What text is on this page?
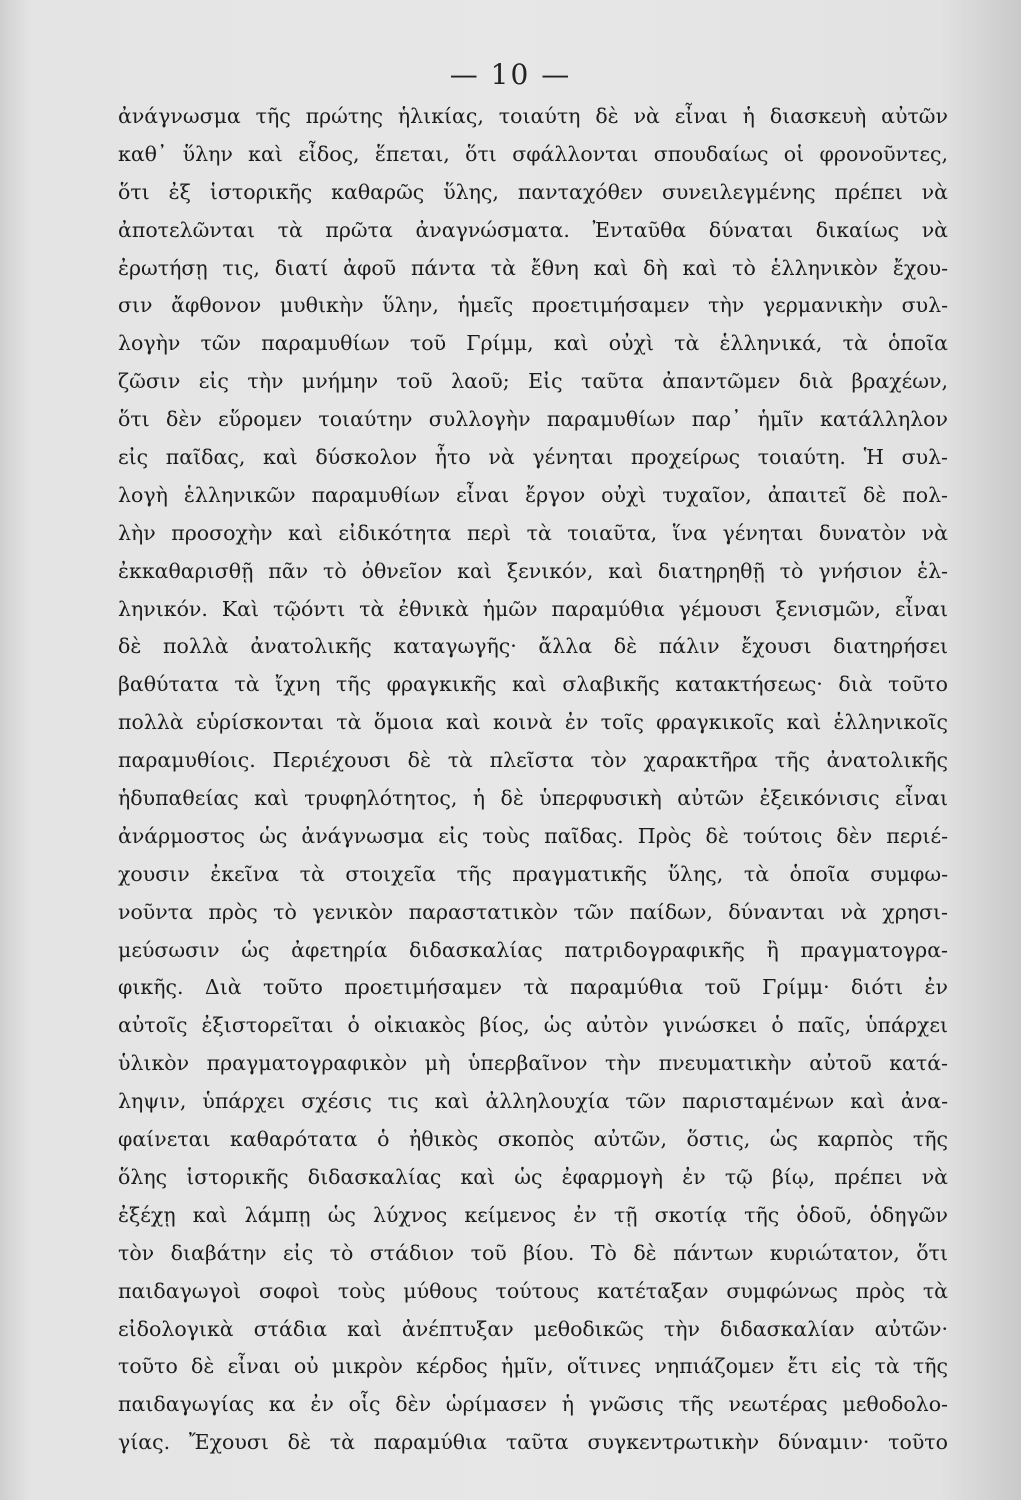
— 10 —
ἀνάγνωσμα τῆς πρώτης ἡλικίας, τοιαύτη δὲ νὰ εἶναι ἡ διασκευὴ αὐτῶν
καθ᾽ ὕλην καὶ εἶδος, ἕπεται, ὅτι σφάλλονται σπουδαίως οἱ φρονοῦντες,
ὅτι ἐξ ἱστορικῆς καθαρῶς ὕλης, πανταχόθεν συνειλεγμένης πρέπει νὰ
ἀποτελῶνται τὰ πρῶτα ἀναγνώσματα. Ἐνταῦθα δύναται δικαίως νὰ
ἐρωτήσῃ τις, διατί ἀφοῦ πάντα τὰ ἔθνη καὶ δὴ καὶ τὸ ἑλληνικὸν ἔχου-
σιν ἄφθονον μυθικὴν ὕλην, ἡμεῖς προετιμήσαμεν τὴν γερμανικὴν συλ-
λογὴν τῶν παραμυθίων τοῦ Γρίμμ, καὶ οὐχὶ τὰ ἑλληνικά, τὰ ὁποῖα
ζῶσιν εἰς τὴν μνήμην τοῦ λαοῦ; Εἰς ταῦτα ἀπαντῶμεν διὰ βραχέων,
ὅτι δὲν εὕρομεν τοιαύτην συλλογὴν παραμυθίων παρ᾽ ἡμῖν κατάλληλον
εἰς παῖδας, καὶ δύσκολον ἦτο νὰ γένηται προχείρως τοιαύτη. Ἡ συλ-
λογὴ ἑλληνικῶν παραμυθίων εἶναι ἔργον οὐχὶ τυχαῖον, ἀπαιτεῖ δὲ πολ-
λὴν προσοχὴν καὶ εἰδικότητα περὶ τὰ τοιαῦτα, ἵνα γένηται δυνατὸν νὰ
ἐκκαθαρισθῇ πᾶν τὸ ὀθνεῖον καὶ ξενικόν, καὶ διατηρηθῇ τὸ γνήσιον ἑλ-
ληνικόν. Καὶ τῷόντι τὰ ἐθνικὰ ἡμῶν παραμύθια γέμουσι ξενισμῶν, εἶναι
δὲ πολλὰ ἀνατολικῆς καταγωγῆς· ἄλλα δὲ πάλιν ἔχουσι διατηρήσει
βαθύτατα τὰ ἴχνη τῆς φραγκικῆς καὶ σλαβικῆς κατακτήσεως· διὰ τοῦτο
πολλὰ εὑρίσκονται τὰ ὅμοια καὶ κοινὰ ἐν τοῖς φραγκικοῖς καὶ ἑλληνικοῖς
παραμυθίοις. Περιέχουσι δὲ τὰ πλεῖστα τὸν χαρακτῆρα τῆς ἀνατολικῆς
ἡδυπαθείας καὶ τρυφηλότητος, ἡ δὲ ὑπερφυσικὴ αὐτῶν ἐξεικόνισις εἶναι
ἀνάρμοστος ὡς ἀνάγνωσμα εἰς τοὺς παῖδας. Πρὸς δὲ τούτοις δὲν περιέ-
χουσιν ἐκεῖνα τὰ στοιχεῖα τῆς πραγματικῆς ὕλης, τὰ ὁποῖα συμφω-
νοῦντα πρὸς τὸ γενικὸν παραστατικὸν τῶν παίδων, δύνανται νὰ χρησι-
μεύσωσιν ὡς ἀφετηρία διδασκαλίας πατριδογραφικῆς ἢ πραγματογρα-
φικῆς. Διὰ τοῦτο προετιμήσαμεν τὰ παραμύθια τοῦ Γρίμμ· διότι ἐν
αὐτοῖς ἐξιστορεῖται ὁ οἰκιακὸς βίος, ὡς αὐτὸν γινώσκει ὁ παῖς, ὑπάρχει
ὑλικὸν πραγματογραφικὸν μὴ ὑπερβαῖνον τὴν πνευματικὴν αὐτοῦ κατά-
ληψιν, ὑπάρχει σχέσις τις καὶ ἀλληλουχία τῶν παρισταμένων καὶ ἀνα-
φαίνεται καθαρότατα ὁ ἠθικὸς σκοπὸς αὐτῶν, ὅστις, ὡς καρπὸς τῆς
ὅλης ἱστορικῆς διδασκαλίας καὶ ὡς ἐφαρμογὴ ἐν τῷ βίῳ, πρέπει νὰ
ἐξέχῃ καὶ λάμπῃ ὡς λύχνος κείμενος ἐν τῇ σκοτίᾳ τῆς ὁδοῦ, ὁδηγῶν
τὸν διαβάτην εἰς τὸ στάδιον τοῦ βίου. Τὸ δὲ πάντων κυριώτατον, ὅτι
παιδαγωγοὶ σοφοὶ τοὺς μύθους τούτους κατέταξαν συμφώνως πρὸς τὰ
εἰδολογικὰ στάδια καὶ ἀνέπτυξαν μεθοδικῶς τὴν διδασκαλίαν αὐτῶν·
τοῦτο δὲ εἶναι οὐ μικρὸν κέρδος ἡμῖν, οἵτινες νηπιάζομεν ἔτι εἰς τὰ τῆς
παιδαγωγίας κα ἐν οἷς δὲν ὡρίμασεν ἡ γνῶσις τῆς νεωτέρας μεθοδολο-
γίας. Ἔχουσι δὲ τὰ παραμύθια ταῦτα συγκεντρωτικὴν δύναμιν· τοῦτο
